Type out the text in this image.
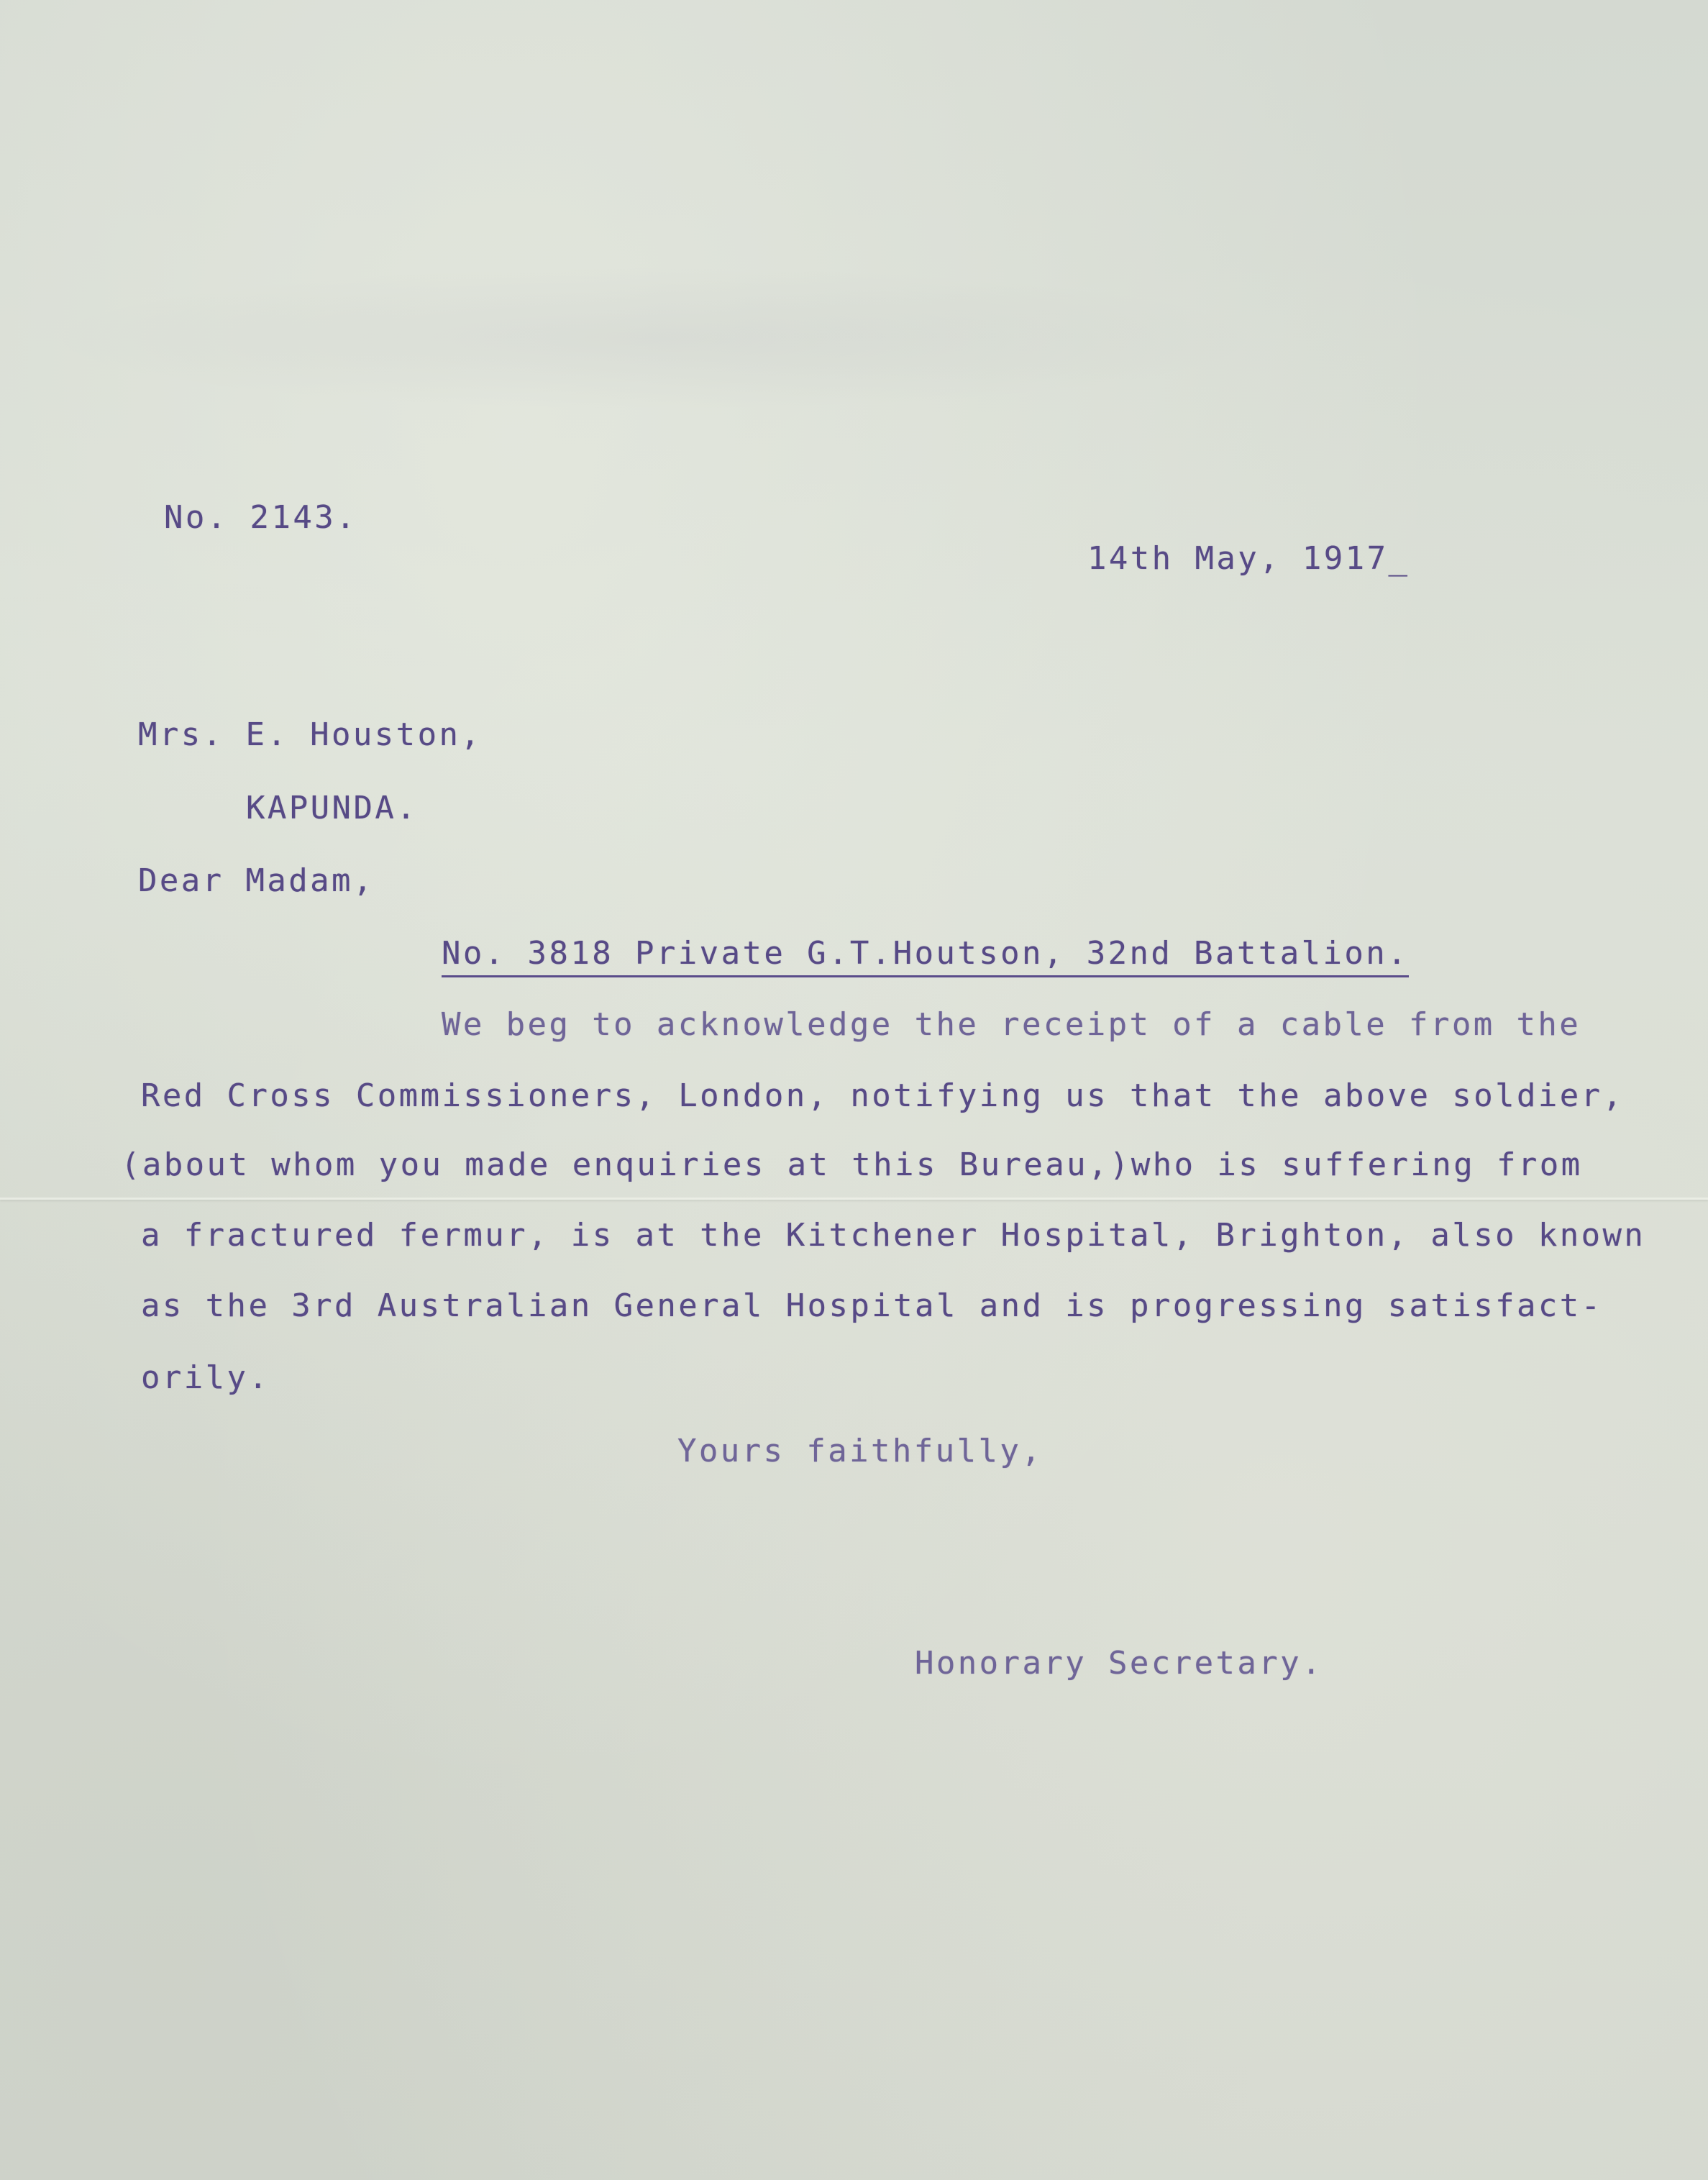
No. 2143.
14th May, 1917_
Mrs. E. Houston,
KAPUNDA.
Dear Madam,
No. 3818 Private G.T.Houtson, 32nd Battalion.
We beg to acknowledge the receipt of a cable from the
Red Cross Commissioners, London, notifying us that the above soldier,
(about whom you made enquiries at this Bureau,)who is suffering from
a fractured fermur, is at the Kitchener Hospital, Brighton, also known
as the 3rd Australian General Hospital and is progressing satisfact-
orily.
Yours faithfully,
Honorary Secretary.
